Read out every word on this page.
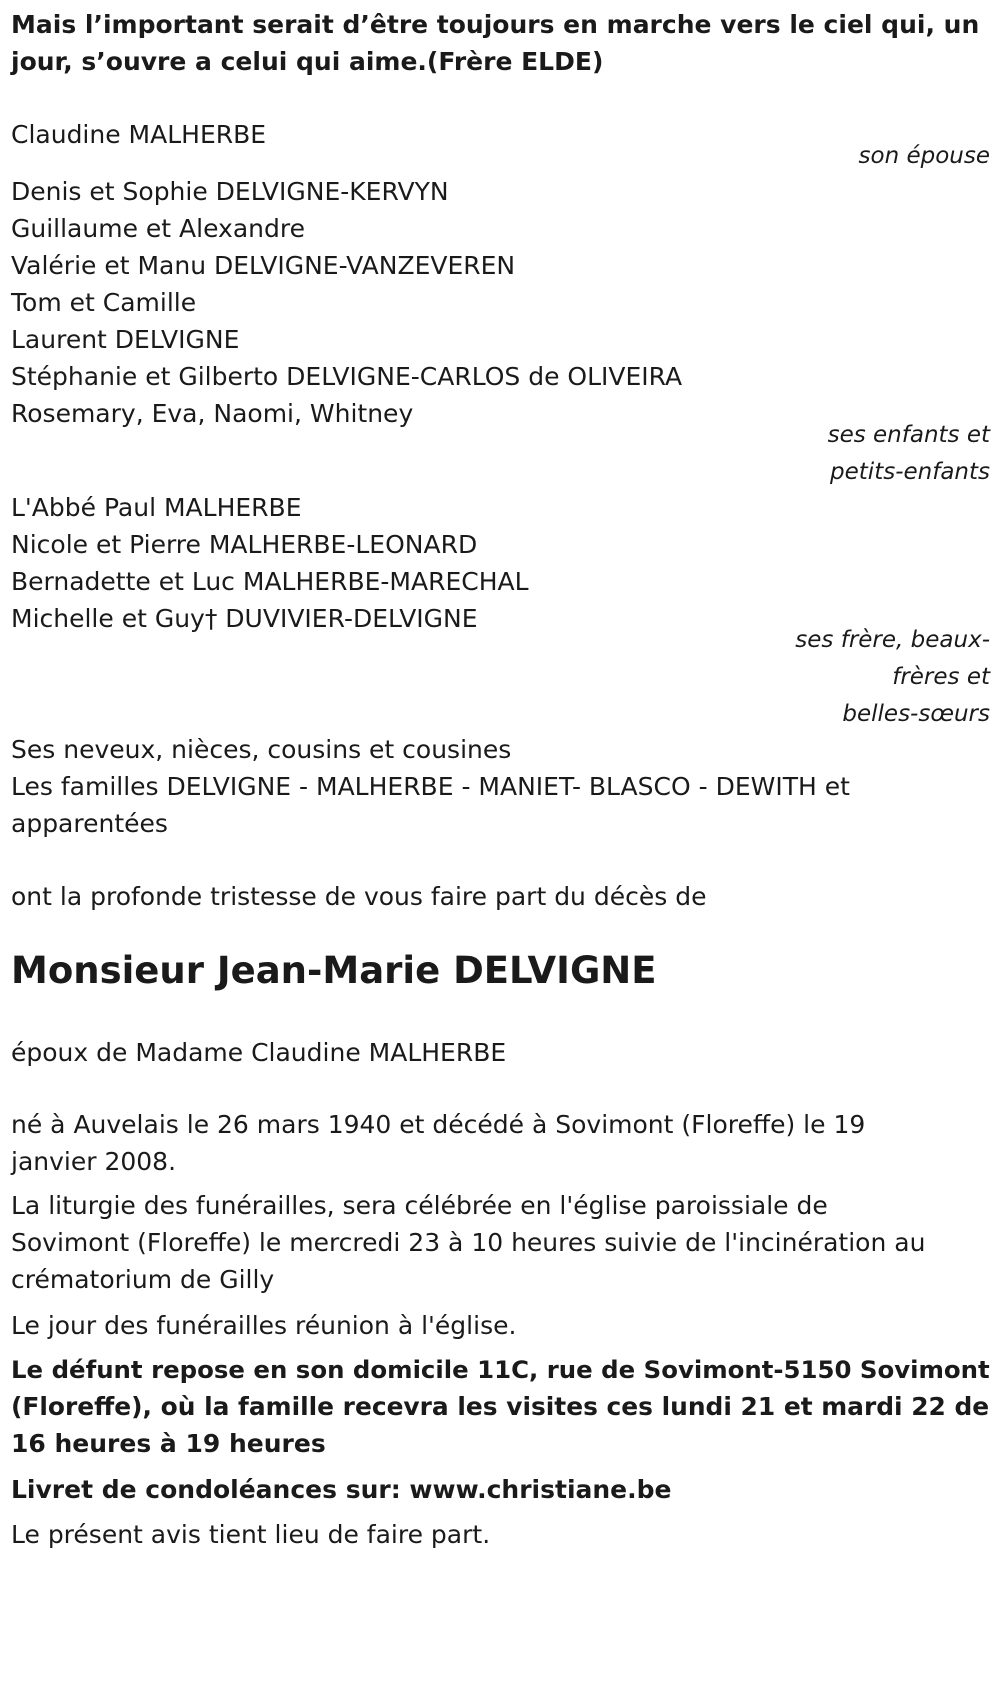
Mais l’important serait d’être toujours en marche vers le ciel qui, un
jour, s’ouvre a celui qui aime.(Frère ELDE)
Claudine MALHERBE
son épouse
Denis et Sophie DELVIGNE-KERVYN
Guillaume et Alexandre
Valérie et Manu DELVIGNE-VANZEVEREN
Tom et Camille
Laurent DELVIGNE
Stéphanie et Gilberto DELVIGNE-CARLOS de OLIVEIRA
Rosemary, Eva, Naomi, Whitney
ses enfants et
petits-enfants
L'Abbé Paul MALHERBE
Nicole et Pierre MALHERBE-LEONARD
Bernadette et Luc MALHERBE-MARECHAL
Michelle et Guy† DUVIVIER-DELVIGNE
ses frère, beaux-
frères et
belles-sœurs
Ses neveux, nièces, cousins et cousines
Les familles DELVIGNE - MALHERBE - MANIET- BLASCO - DEWITH et
apparentées
ont la profonde tristesse de vous faire part du décès de
Monsieur Jean-Marie DELVIGNE
époux de Madame Claudine MALHERBE
né à Auvelais le 26 mars 1940 et décédé à Sovimont (Floreffe) le 19
janvier 2008.
La liturgie des funérailles, sera célébrée en l'église paroissiale de
Sovimont (Floreffe) le mercredi 23 à 10 heures suivie de l'incinération au
crématorium de Gilly
Le jour des funérailles réunion à l'église.
Le défunt repose en son domicile 11C, rue de Sovimont-5150 Sovimont
(Floreffe), où la famille recevra les visites ces lundi 21 et mardi 22 de
16 heures à 19 heures
Livret de condoléances sur: www.christiane.be
Le présent avis tient lieu de faire part.
